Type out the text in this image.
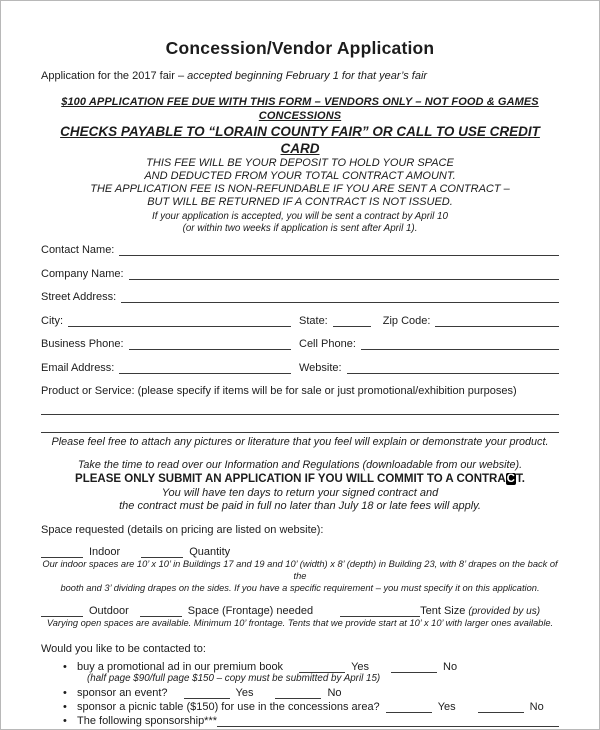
Concession/Vendor Application
Application for the 2017 fair – accepted beginning February 1 for that year’s fair
$100 APPLICATION FEE DUE WITH THIS FORM – VENDORS ONLY – NOT FOOD & GAMES CONCESSIONS
CHECKS PAYABLE TO “LORAIN COUNTY FAIR” OR CALL TO USE CREDIT CARD
THIS FEE WILL BE YOUR DEPOSIT TO HOLD YOUR SPACE
AND DEDUCTED FROM YOUR TOTAL CONTRACT AMOUNT.
THE APPLICATION FEE IS NON-REFUNDABLE IF YOU ARE SENT A CONTRACT –
BUT WILL BE RETURNED IF A CONTRACT IS NOT ISSUED.
If your application is accepted, you will be sent a contract by April 10
(or within two weeks if application is sent after April 1).
Contact Name:
Company Name:
Street Address:
City:	State:	Zip Code:
Business Phone:	Cell Phone:
Email Address:	Website:
Product or Service: (please specify if items will be for sale or just promotional/exhibition purposes)
Please feel free to attach any pictures or literature that you feel will explain or demonstrate your product.
Take the time to read over our Information and Regulations (downloadable from our website).
PLEASE ONLY SUBMIT AN APPLICATION IF YOU WILL COMMIT TO A CONTRACT.
You will have ten days to return your signed contract and
the contract must be paid in full no later than July 18 or late fees will apply.
Space requested (details on pricing are listed on website):
Indoor	Quantity
Our indoor spaces are 10’ x 10’ in Buildings 17 and 19 and 10’ (width) x 8’ (depth) in Building 23, with 8’ drapes on the back of the
booth and 3’ dividing drapes on the sides. If you have a specific requirement – you must specify it on this application.
Outdoor	Space (Frontage) needed	Tent Size (provided by us)
Varying open spaces are available. Minimum 10’ frontage. Tents that we provide start at 10’ x 10’ with larger ones available.
Would you like to be contacted to:
• buy a promotional ad in our premium book	Yes	No
(half page $90/full page $150 – copy must be submitted by April 15)
• sponsor an event?	Yes	No
• sponsor a picnic table ($150) for use in the concessions area?	Yes	No
• The following sponsorship***
